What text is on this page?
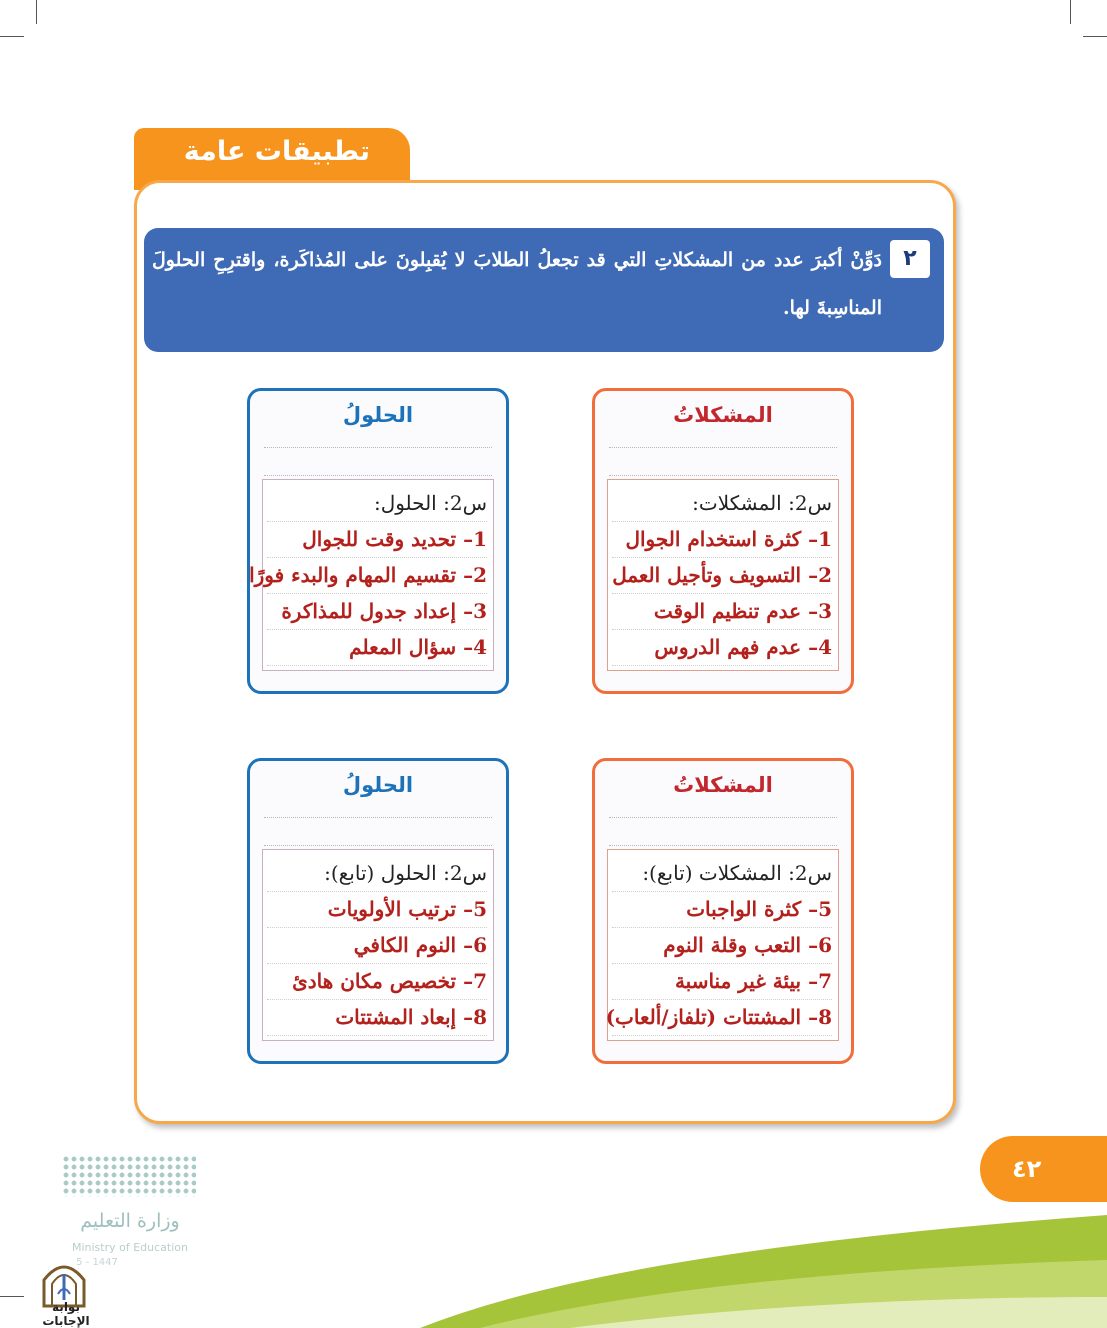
تطبيقات عامة
٢
دَوِّنْ أكبرَ عدد من المشكلاتِ التي قد تجعلُ الطلابَ لا يُقبِلونَ على المُذاكَرة، واقترِحِ الحلولَ المناسِبةَ لها.
المشكلاتُ
س2: المشكلات:
1– كثرة استخدام الجوال
2– التسويف وتأجيل العمل
3– عدم تنظيم الوقت
4– عدم فهم الدروس
الحلولُ
س2: الحلول:
1– تحديد وقت للجوال
2– تقسيم المهام والبدء فورًا
3– إعداد جدول للمذاكرة
4– سؤال المعلم
المشكلاتُ
س2: المشكلات (تابع):
5– كثرة الواجبات
6– التعب وقلة النوم
7– بيئة غير مناسبة
8– المشتتات (تلفاز/ألعاب)
الحلولُ
س2: الحلول (تابع):
5– ترتيب الأولويات
6– النوم الكافي
7– تخصيص مكان هادئ
8– إبعاد المشتتات
٤٢
وزارة التعليم
Ministry of Education
5 - 1447
بوابة الإجابات
